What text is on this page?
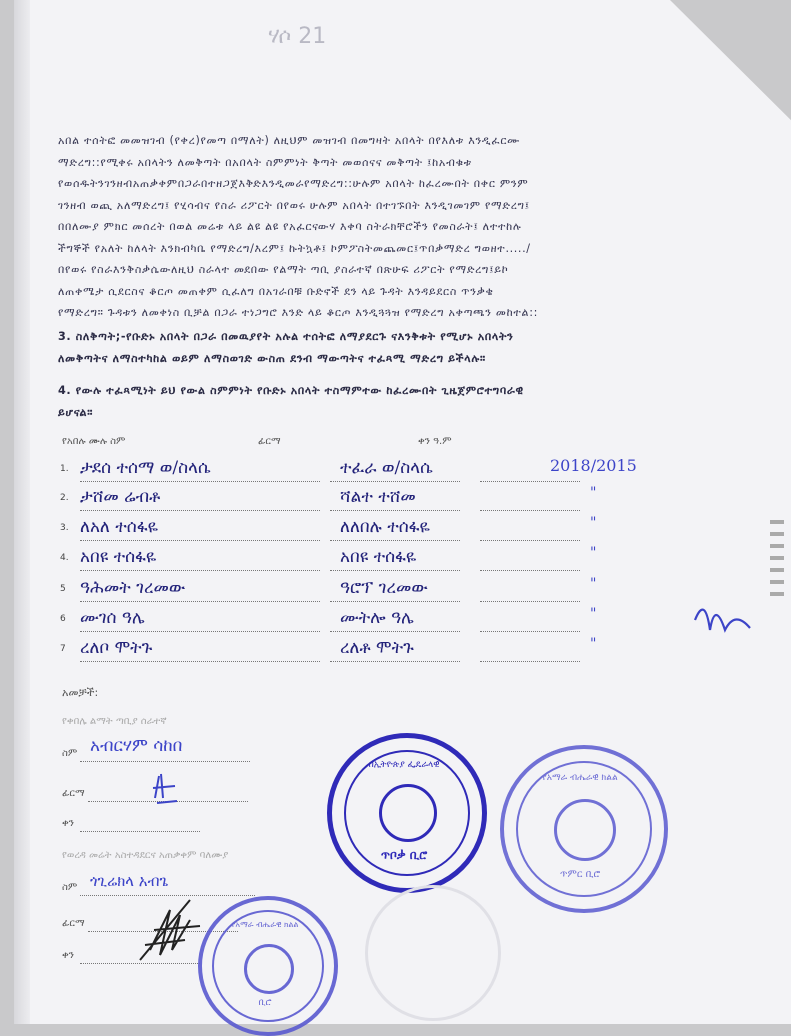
ሃሶ 21
አበል ተሰትፎ መመዝገብ (የቀረ)የመጣ በማለት) ለዚህም መዝገብ በመግዛት አበላት በየእለቱ እንዲፈርሙ
ማድረግ::የሚቀሩ አበላትን ለመቅጣት በአበላት ስምምነት ቅጣት መወሰናና መቅጣት ፤ከአብቁቱ
የወሰዱትንገንዘብአጠቃቀምበጋራበተዘጋጀእቅድእንዲመራየማድረግ::ሁሉም አበላት ከፈረሙበት በቀር ምንም
ገንዘብ ወጪ አለማድረግ፤ የሂሳብና የስራ ሪፖርት በየወሩ ሁሉም አበላት በተገኙበት እንዲገመገም የማድረግ፤
በበለሙያ ምክር መሰረት በወል መሬቱ ላይ ልዩ ልዩ የአፈርናውሃ እቀባ ስትራክቸሮችን የመስራት፤ ለተተከሉ
ችግኞች የአለት ከለላት እንክብካቤ የማድረግ/እረም፤ ኩትኳቶ፤ ኮምፖስትመጨመር፤ጥበቃማድረ ግወዘተ...../
በየወሩ የስራእንቅስቃሴውለዚህ ስራላተ መደበው የልማት ጣቢ ያስራተኛ በጽሁፍ ሪፖርት የማድረግ፤ይኮ
ለጠቀሜታ ሲደርስና ቆርጦ መጠቀም ሲፈለግ በአገራበቹ ቡድኖች ደን ላይ ጉዳት እንዳይደርስ ጥንቃቄ
የማድረግ። ጉዳቱን ለመቀነስ ቢቻል በጋራ ተነጋግሮ እንድ ላይ ቆርጦ እንዲጓጓዝ የማድረግ አቀጣጫን መከተል::
3. ስለቅጣት;-የቡድኑ አበላት በጋራ በመዉያየት አሉል ተሰትፎ ለማያደርጉ ናእንቅቱት የሚሆኑ አበላትን
ለመቅጣትና ለማስተካከል ወይም ለማስወገድ ውስጠ ደንብ ማውጣትና ተፈጻሚ ማድረግ ይችላሉ።
4. የውሉ ተፈጻሚነት ይህ የውል ስምምነት የቡድኑ አበላት ተስማምተው ከፈረሙበት ጊዜጀምሮተግባራዊ
ይሆናል።
የአበሉ ሙሉ ስም	ፊርማ	ቀን ዓ.ም
1. ታደሰ ተሰማ ወ/ስላሴ	ተፈራ ወ/ስላሴ	2018/2015
2. ታሸመ ሬብቶ	ሻልተ ተሸመ	"
3. ለአለ ተሰፋዬ	ለለበሉ ተሰፋዬ	"
4. አበዩ ተሰፋዬ	አበዩ ተሰፋዬ	"
5 ዓሕመት ገረመው	ዓሮፕ ገረመው	"
6 ሙገሰ ዓሌ	ሙትሎ ዓሌ	"
7 ረለቦ ሞትጉ	ረለቶ ሞትጉ	"
አመቻች:
የቀበሌ ልማት ጣቢያ ሰራተኛ
ስም አብርሃም ሳከበ
ፊርማ
ቀን
የወረዳ መሬት አስተዳደርና አጠቃቀም ባለሙያ
ስም ጎጊሬክላ አብጌ
ፊርማ
ቀን
በኢትዮጵያ ፌዴራላዊ
ጥቦቃ ቢሮ
የአማራ ብሔራዊ ክልል
ጥምር ቢሮ
የአማራ ብሔራዊ ክልል
ቢሮ
